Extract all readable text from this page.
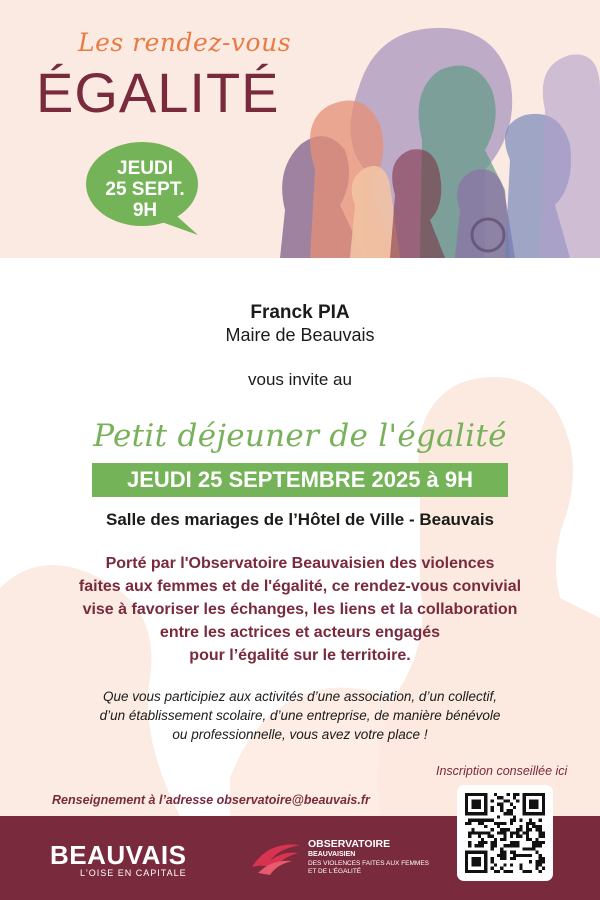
Les rendez-vous
ÉGALITÉ
JEUDI
25 SEPT.
9H
Franck PIA
Maire de Beauvais
vous invite au
Petit déjeuner de l'égalité
JEUDI 25 SEPTEMBRE 2025 à 9H
Salle des mariages de l’Hôtel de Ville - Beauvais
Porté par l'Observatoire Beauvaisien des violences
faites aux femmes et de l'égalité, ce rendez-vous convivial
vise à favoriser les échanges, les liens et la collaboration
entre les actrices et acteurs engagés
pour l’égalité sur le territoire.
Que vous participiez aux activités d’une association, d’un collectif,
d’un établissement scolaire, d’une entreprise, de manière bénévole
ou professionnelle, vous avez votre place !
Inscription conseillée ici
Renseignement à l’adresse observatoire@beauvais.fr
BEAUVAIS
L'OISE EN CAPITALE
OBSERVATOIRE
BEAUVAISIEN
DES VIOLENCES FAITES AUX FEMMES
ET DE L'ÉGALITÉ
